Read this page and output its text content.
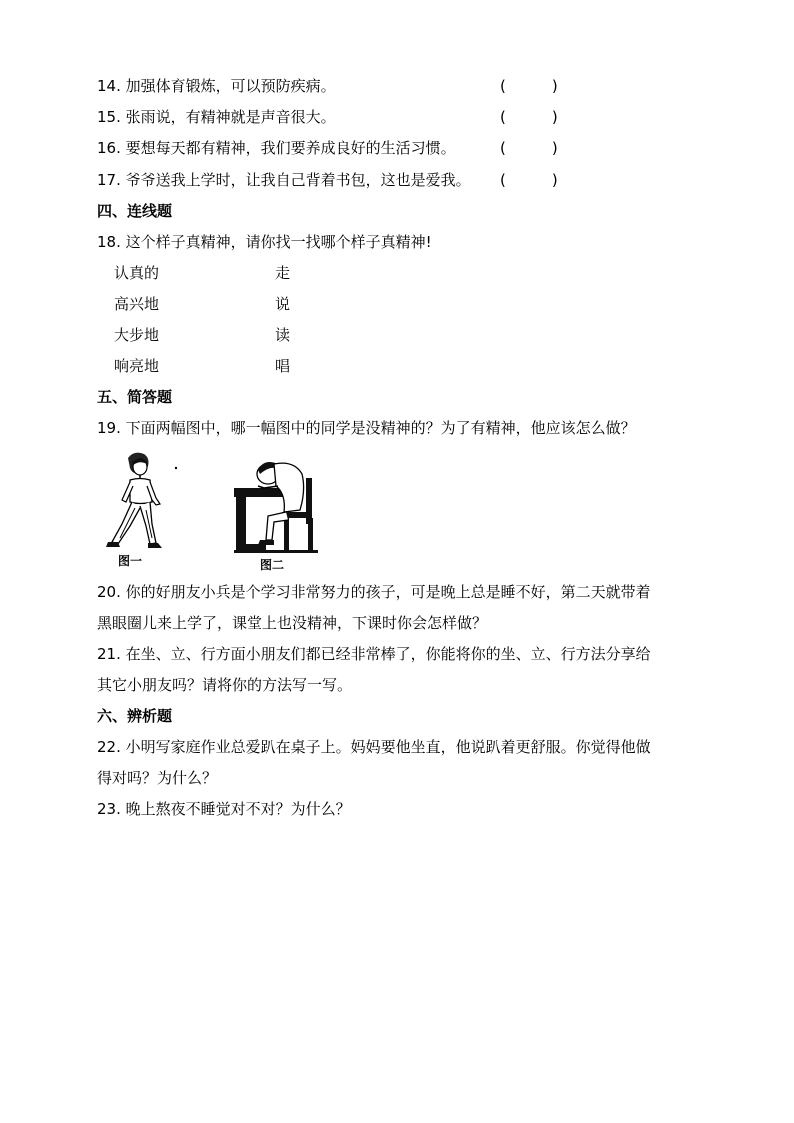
14. 加强体育锻炼，可以预防疾病。	(	)
15. 张雨说，有精神就是声音很大。	(	)
16. 要想每天都有精神，我们要养成良好的生活习惯。	(	)
17. 爷爷送我上学时，让我自己背着书包，这也是爱我。 (	)
四、连线题
18. 这个样子真精神，请你找一找哪个样子真精神!
认真的	走
高兴地	说
大步地	读
响亮地	唱
五、简答题
19. 下面两幅图中，哪一幅图中的同学是没精神的？为了有精神，他应该怎么做？
图一	图二
20. 你的好朋友小兵是个学习非常努力的孩子，可是晚上总是睡不好，第二天就带着
黑眼圈儿来上学了，课堂上也没精神，下课时你会怎样做？
21. 在坐、立、行方面小朋友们都已经非常棒了，你能将你的坐、立、行方法分享给
其它小朋友吗？请将你的方法写一写。
六、辨析题
22. 小明写家庭作业总爱趴在桌子上。妈妈要他坐直，他说趴着更舒服。你觉得他做
得对吗？为什么？
23. 晚上熬夜不睡觉对不对？为什么？
